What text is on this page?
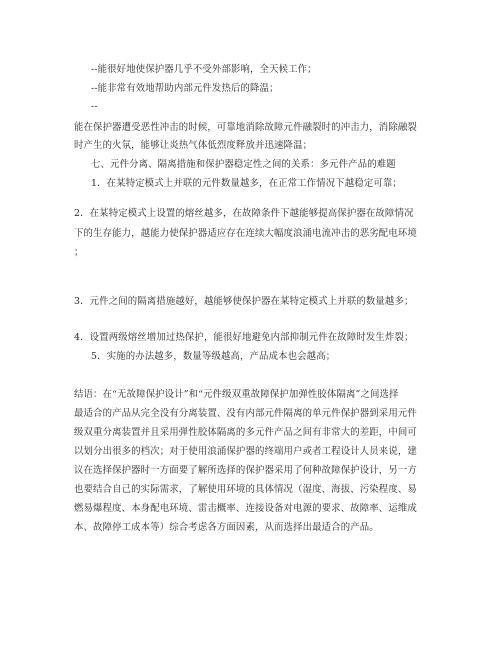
--能很好地使保护器几乎不受外部影响，全天候工作；
--能非常有效地帮助内部元件发热后的降温；
--
能在保护器遭受恶性冲击的时候，可靠地消除故障元件融裂时的冲击力，消除融裂
时产生的火氛，能够让炎热气体低烈度释放并迅速降温；
七、元件分离、隔离措施和保护器稳定性之间的关系：多元件产品的难题
1．在某特定模式上并联的元件数量越多，在正常工作情况下越稳定可靠；
2．在某特定模式上设置的熔丝越多，在故障条件下越能够提高保护器在故障情况
下的生存能力，越能力使保护器适应存在连续大幅度浪涌电流冲击的恶劣配电环境
；
3．元件之间的隔离措施越好，越能够使保护器在某特定模式上并联的数量越多；
4．设置两级熔丝增加过热保护，能很好地避免内部抑制元件在故障时发生炸裂；
5．实施的办法越多，数量等级越高，产品成本也会越高；
结语：在“无故障保护设计”和“元件级双重故障保护加弹性胶体隔离”之间选择
最适合的产品从完全没有分离装置、没有内部元件隔离的单元件保护器到采用元件
级双重分离装置并且采用弹性胶体隔离的多元件产品之间有非常大的差距，中间可
以划分出很多的档次；对于使用浪涌保护器的终端用户或者工程设计人员来说，建
议在选择保护器时一方面要了解所选择的保护器采用了何种故障保护设计，另一方
也要结合自己的实际需求，了解使用环境的具体情况（湿度、海拔、污染程度、易
燃易爆程度、本身配电环境、雷击概率、连接设备对电源的要求、故障率、运维成
本、故障停工成本等）综合考虑各方面因素，从而选择出最适合的产品。
